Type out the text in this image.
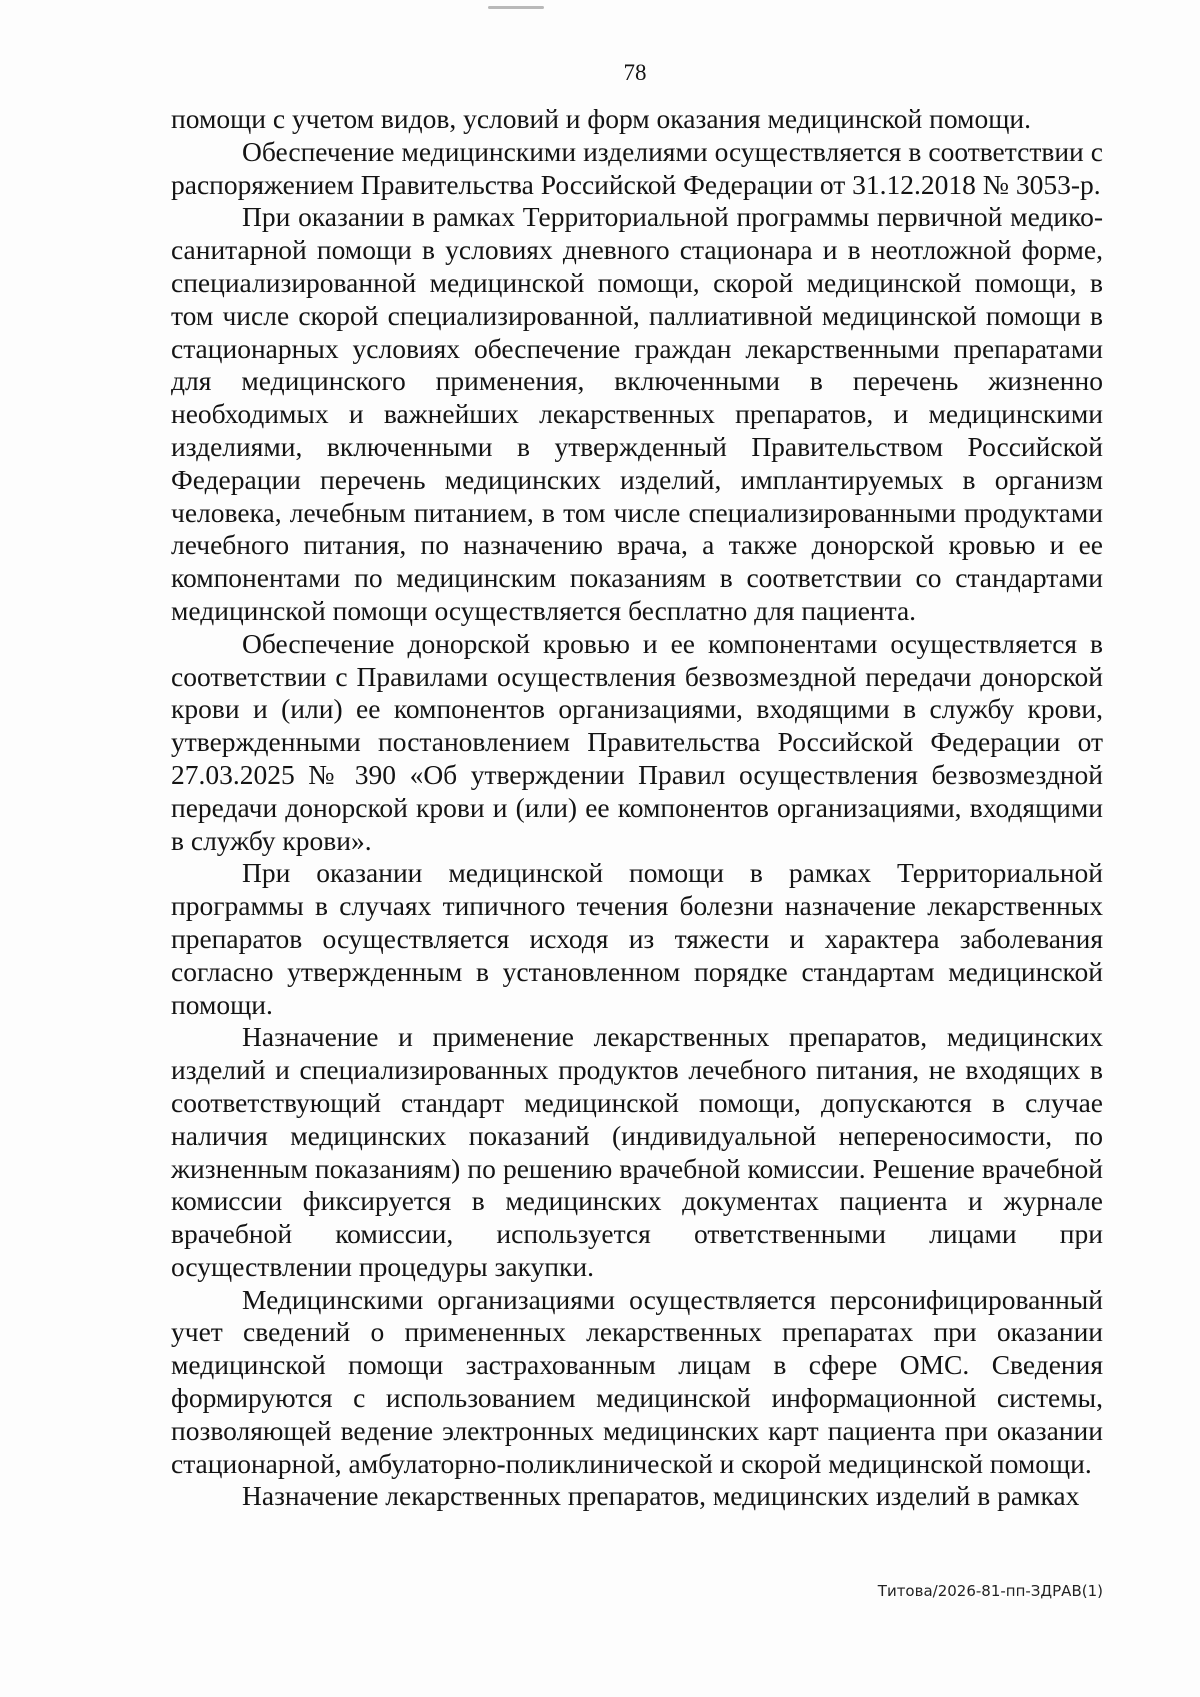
78

помощи с учетом видов, условий и форм оказания медицинской помощи.

Обеспечение медицинскими изделиями осуществляется в соответствии с распоряжением Правительства Российской Федерации от 31.12.2018 № 3053-р.

При оказании в рамках Территориальной программы первичной медико-санитарной помощи в условиях дневного стационара и в неотложной форме, специализированной медицинской помощи, скорой медицинской помощи, в том числе скорой специализированной, паллиативной медицинской помощи в стационарных условиях обеспечение граждан лекарственными препаратами для медицинского применения, включенными в перечень жизненно необходимых и важнейших лекарственных препаратов, и медицинскими изделиями, включенными в утвержденный Правительством Российской Федерации перечень медицинских изделий, имплантируемых в организм человека, лечебным питанием, в том числе специализированными продуктами лечебного питания, по назначению врача, а также донорской кровью и ее компонентами по медицинским показаниям в соответствии со стандартами медицинской помощи осуществляется бесплатно для пациента.

Обеспечение донорской кровью и ее компонентами осуществляется в соответствии с Правилами осуществления безвозмездной передачи донорской крови и (или) ее компонентов организациями, входящими в службу крови, утвержденными постановлением Правительства Российской Федерации от 27.03.2025 № 390 «Об утверждении Правил осуществления безвозмездной передачи донорской крови и (или) ее компонентов организациями, входящими в службу крови».

При оказании медицинской помощи в рамках Территориальной программы в случаях типичного течения болезни назначение лекарственных препаратов осуществляется исходя из тяжести и характера заболевания согласно утвержденным в установленном порядке стандартам медицинской помощи.

Назначение и применение лекарственных препаратов, медицинских изделий и специализированных продуктов лечебного питания, не входящих в соответствующий стандарт медицинской помощи, допускаются в случае наличия медицинских показаний (индивидуальной непереносимости, по жизненным показаниям) по решению врачебной комиссии. Решение врачебной комиссии фиксируется в медицинских документах пациента и журнале врачебной комиссии, используется ответственными лицами при осуществлении процедуры закупки.

Медицинскими организациями осуществляется персонифицированный учет сведений о примененных лекарственных препаратах при оказании медицинской помощи застрахованным лицам в сфере ОМС. Сведения формируются с использованием медицинской информационной системы, позволяющей ведение электронных медицинских карт пациента при оказании стационарной, амбулаторно-поликлинической и скорой медицинской помощи.

Назначение лекарственных препаратов, медицинских изделий в рамках

Титова/2026-81-пп-ЗДРАВ(1)
